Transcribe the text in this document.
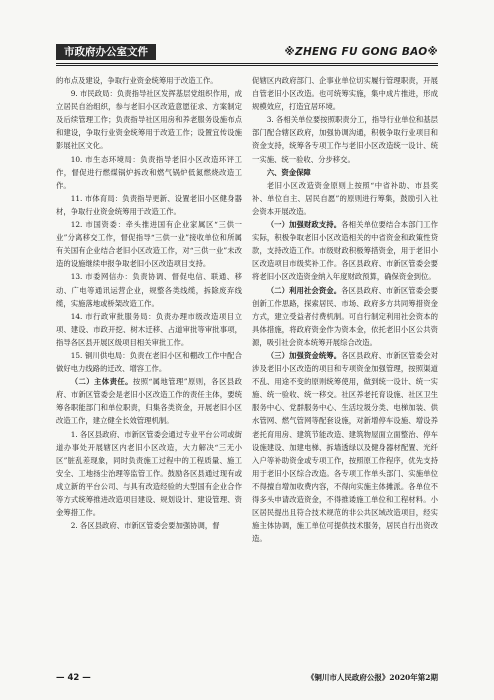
市政府办公室文件	※ZHENG FU GONG BAO※

的布点及建设，争取行业资金统筹用于改造工作。

9. 市民政局：负责指导社区发挥基层党组织作用，成立居民自治组织，参与老旧小区改造意愿征求、方案制定及后续管理工作；负责指导社区用房和养老服务设施布点和建设，争取行业资金统筹用于改造工作；设置宜传设施影展社区文化。

10. 市生态环境局：负责指导老旧小区改造环评工作，督促进行燃煤锅炉拆改和燃气锅炉低氮燃烧改造工作。

11. 市体育局：负责指导更新、设置老旧小区健身器材，争取行业资金统筹用于改造工作。

12. 市国资委：牵头推进国有企业家属区“三供一业”分离移交工作，督促指导“三供一业”接收单位和所属有关国有企业结合老旧小区改造工作，对“三供一业”未改造的设施继续申报争取老旧小区改造项目支持。

13. 市委网信办：负责协调、督促电信、联通、移动、广电等通讯运营企业，规整各类线缆，拆除废弃线缆，实施落地或桥架改造工作。

14. 市行政审批服务局：负责办理市级改造项目立项、建设、市政开挖、树木迁移、占道审批等审批事项，指导各区县开展区级项目相关审批工作。

15. 铜川供电局：负责在老旧小区和棚改工作中配合做好电力线路的迁改、增容工作。

（二）主体责任。按照“属地管理”原则，各区县政府、市新区管委会是老旧小区改造工作的责任主体，要统筹各职能部门和单位职责，归集各类资金，开展老旧小区改造工作，建立健全长效管理机制。

1. 各区县政府、市新区管委会通过专业平台公司或街道办事处开展辖区内老旧小区改造，大力解决“三无小区”脏乱差现象，同时负责施工过程中的工程质量、施工安全、工地扬尘治理等监管工作。鼓励各区县通过现有或成立新的平台公司、与具有改造经验的大型国有企业合作等方式统筹推进改造项目建设、规划设计、建设管理、资金筹措工作。

2. 各区县政府、市新区管委会要加强协调，督

促辖区内政府部门、企事业单位切实履行管理职责，开展自管老旧小区改造。也可统筹实施，集中成片推进，形成规模效应，打造宜居环境。

3. 各相关单位要按照职责分工，指导行业单位和基层部门配合辖区政府，加强协调沟通，积极争取行业项目和资金支持，统筹各专项工作与老旧小区改造统一设计、统一实施、统一验收、分步移交。

六、资金保障

老旧小区改造资金原则上按照“中省补助、市县奖补、单位自主、居民自愿”的原则进行筹集，鼓励引入社会资本开展改造。

（一）加强财政支持。各相关单位要结合本部门工作实际，积极争取老旧小区改造相关的中省资金和政策性贷款，支持改造工作。市级财政积极筹措资金，用于老旧小区改造项目市级奖补工作。各区县政府、市新区管委会要将老旧小区改造资金纳入年度财政预算，确保资金到位。

（二）利用社会资金。各区县政府、市新区管委会要创新工作思路，探索居民、市场、政府多方共同筹措资金方式，建立受益者付费机制。可自行制定利用社会资本的具体措施，将政府资金作为资本金，依托老旧小区公共资源，吸引社会资本统筹开展综合改造。

（三）加强资金统筹。各区县政府、市新区管委会对涉及老旧小区改造的项目和专项资金加强管理，按照渠道不乱、用途不变的原则统筹使用，做到统一设计、统一实施、统一验收、统一移交。社区养老托育设施、社区卫生服务中心、党群服务中心、生活垃圾分类、电梯加装、供水管网、燃气管网等配套设施，对新增停车设施、增设养老托育用房、建筑节能改造、建筑物屋面立面整治、停车设施建设、加建电梯、拆墙透绿以及健身器材配置、光纤入户等补助资金或专项工作，按照原工作程序，优先支持用于老旧小区综合改造。各专项工作单头部门、实施单位不得擅自增加收费内容，不得向实施主体摊派。各单位不得多头申请改造资金，不得推诿施工单位和工程材料。小区居民提出且符合技术规范的非公共区域改造项目，经实施主体协调，施工单位可提供技术服务，居民自行出资改造。

— 42 —	《铜川市人民政府公报》2020年第2期
